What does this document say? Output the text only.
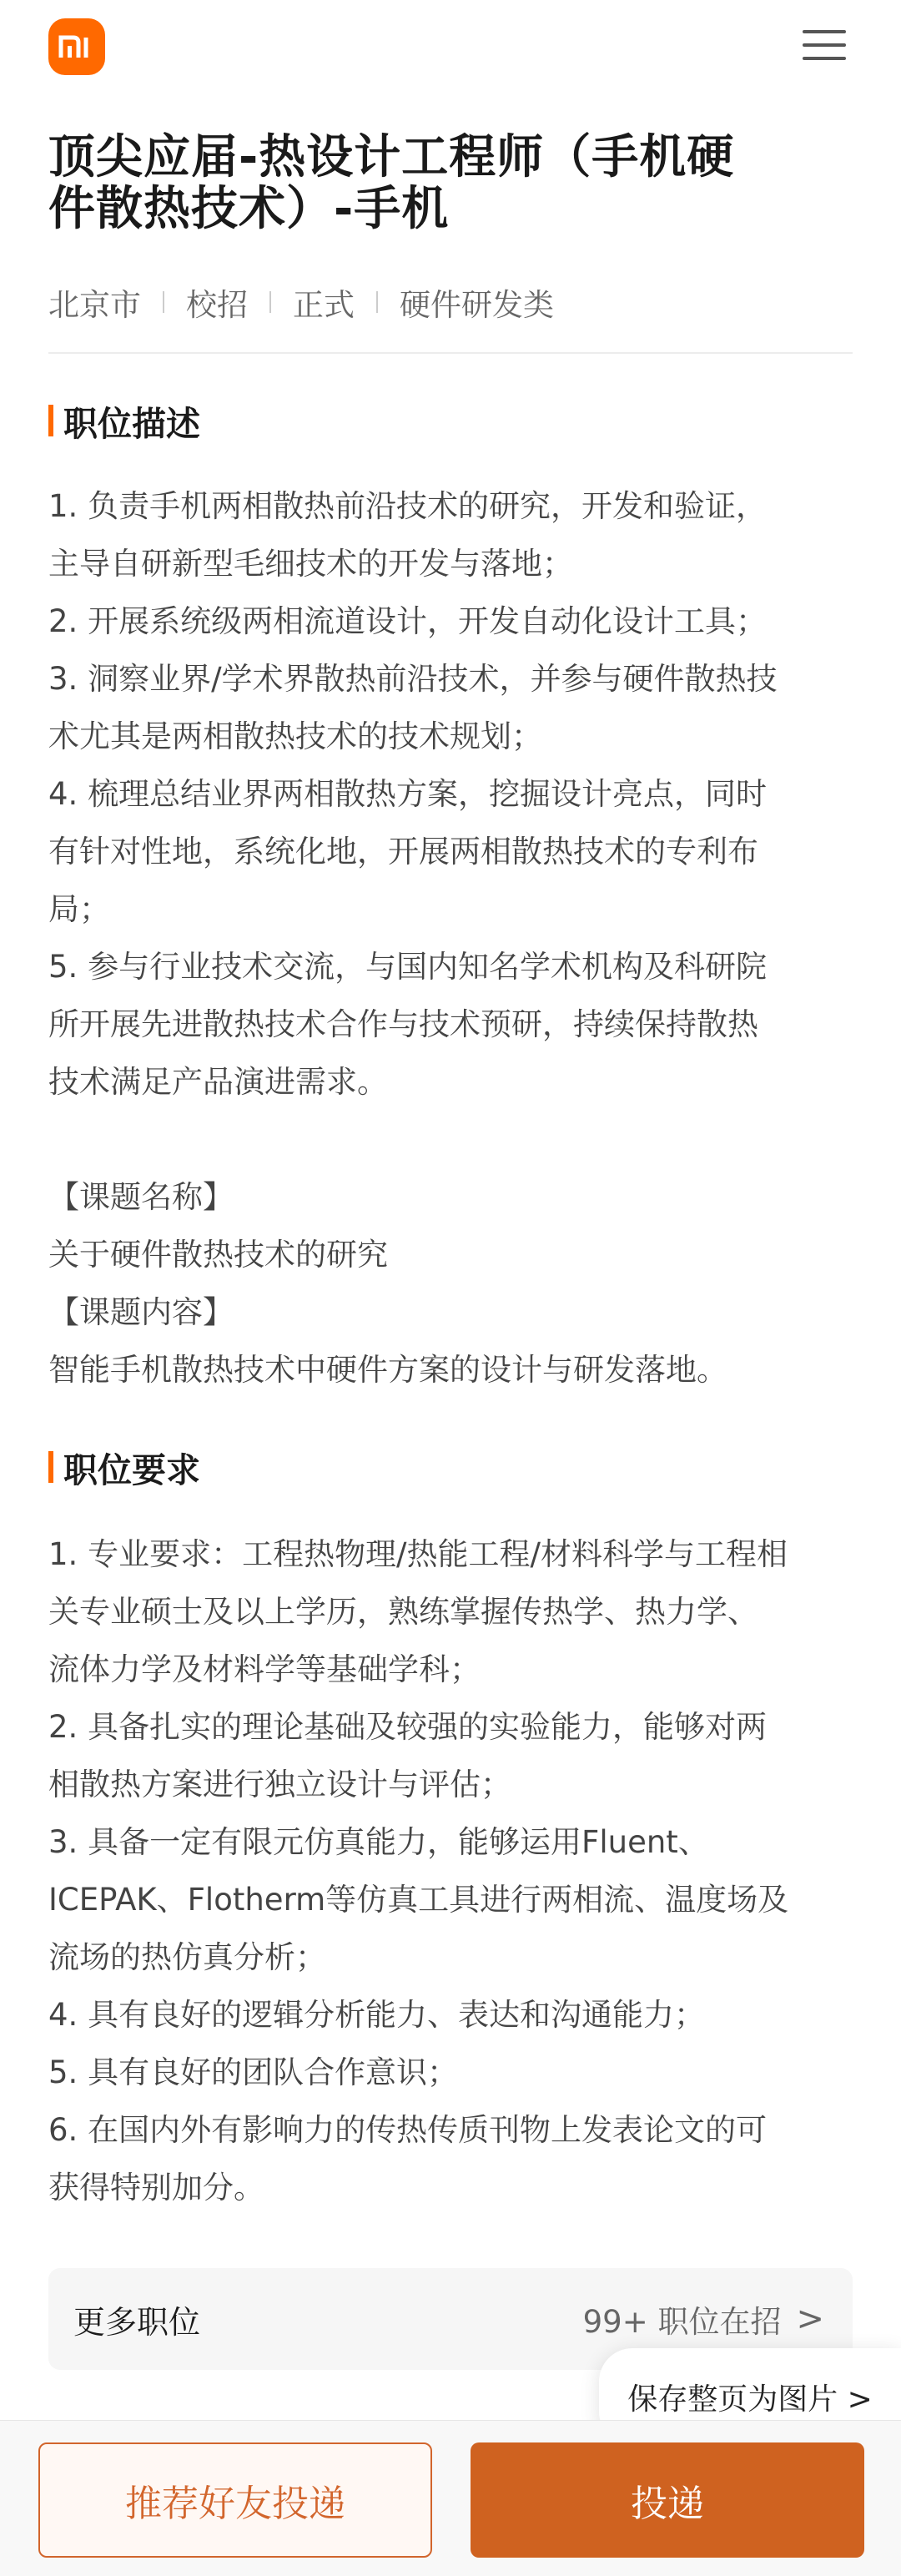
顶尖应届-热设计工程师（手机硬
件散热技术）-手机
北京市 校招 正式 硬件研发类
职位描述
1. 负责手机两相散热前沿技术的研究，开发和验证，
主导自研新型毛细技术的开发与落地；
2. 开展系统级两相流道设计，开发自动化设计工具；
3. 洞察业界/学术界散热前沿技术，并参与硬件散热技
术尤其是两相散热技术的技术规划；
4. 梳理总结业界两相散热方案，挖掘设计亮点，同时
有针对性地，系统化地，开展两相散热技术的专利布
局；
5. 参与行业技术交流，与国内知名学术机构及科研院
所开展先进散热技术合作与技术预研，持续保持散热
技术满足产品演进需求。
【课题名称】
关于硬件散热技术的研究
【课题内容】
智能手机散热技术中硬件方案的设计与研发落地。
职位要求
1. 专业要求：工程热物理/热能工程/材料科学与工程相
关专业硕士及以上学历，熟练掌握传热学、热力学、
流体力学及材料学等基础学科；
2. 具备扎实的理论基础及较强的实验能力，能够对两
相散热方案进行独立设计与评估；
3. 具备一定有限元仿真能力，能够运用Fluent、
ICEPAK、Flotherm等仿真工具进行两相流、温度场及
流场的热仿真分析；
4. 具有良好的逻辑分析能力、表达和沟通能力；
5. 具有良好的团队合作意识；
6. 在国内外有影响力的传热传质刊物上发表论文的可
获得特别加分。
更多职位	99+ 职位在招 >
保存整页为图片 >
推荐好友投递	投递
